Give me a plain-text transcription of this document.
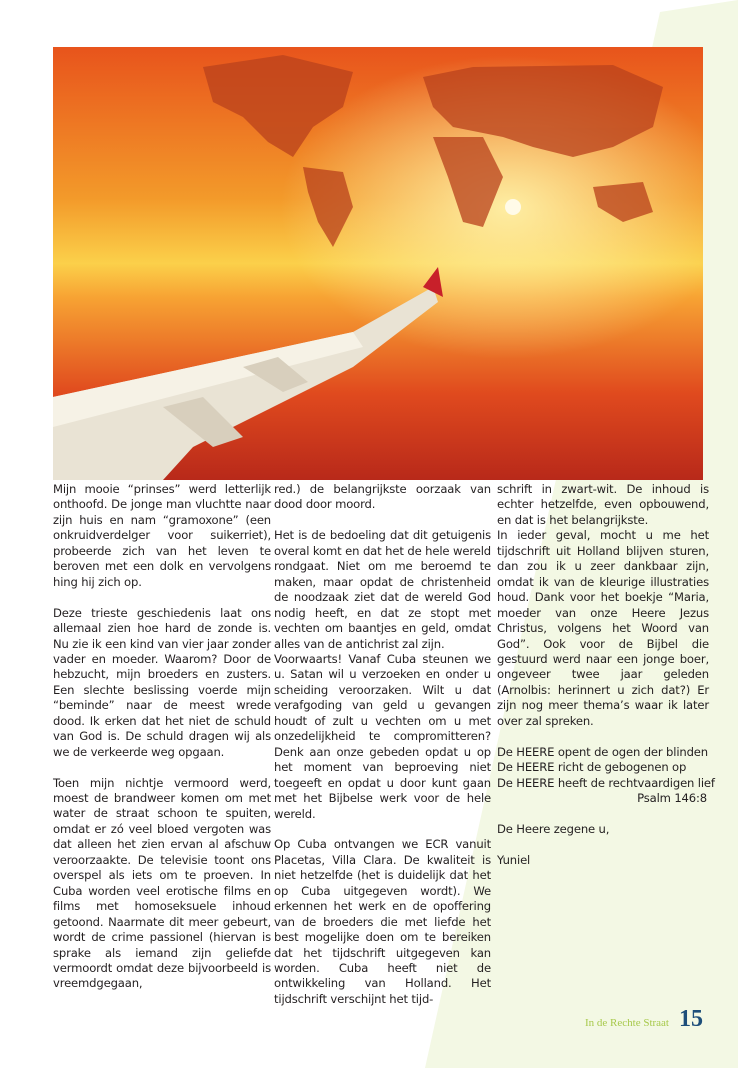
Mijn mooie “prinses” werd letterlijk onthoofd. De jonge man vluchtte naar zijn huis en nam “gramoxone” (een onkruidverdelger voor suikerriet), probeerde zich van het leven te beroven met een dolk en vervolgens hing hij zich op.

Deze trieste geschiedenis laat ons allemaal zien hoe hard de zonde is. Nu zie ik een kind van vier jaar zonder vader en moeder. Waarom? Door de hebzucht, mijn broeders en zusters. Een slechte beslissing voerde mijn “beminde” naar de meest wrede dood. Ik erken dat het niet de schuld van God is. De schuld dragen wij als we de verkeerde weg opgaan.

Toen mijn nichtje vermoord werd, moest de brandweer komen om met water de straat schoon te spuiten, omdat er zó veel bloed vergoten was dat alleen het zien ervan al afschuw veroorzaakte. De televisie toont ons overspel als iets om te proeven. In Cuba worden veel erotische films en films met homoseksuele inhoud getoond. Naarmate dit meer gebeurt, wordt de crime passionel (hiervan is sprake als iemand zijn geliefde vermoordt omdat deze bijvoorbeeld is vreemdgegaan,

red.) de belangrijkste oorzaak van dood door moord.

Het is de bedoeling dat dit getuigenis overal komt en dat het de hele wereld rondgaat. Niet om me beroemd te maken, maar opdat de christenheid de noodzaak ziet dat de wereld God nodig heeft, en dat ze stopt met vechten om baantjes en geld, omdat alles van de antichrist zal zijn.

Voorwaarts! Vanaf Cuba steunen we u. Satan wil u verzoeken en onder u scheiding veroorzaken. Wilt u dat verafgoding van geld u gevangen houdt of zult u vechten om u met onzedelijkheid te compromitteren? Denk aan onze gebeden opdat u op het moment van beproeving niet toegeeft en opdat u door kunt gaan met het Bijbelse werk voor de hele wereld.

Op Cuba ontvangen we ECR vanuit Placetas, Villa Clara. De kwaliteit is niet hetzelfde (het is duidelijk dat het op Cuba uitgegeven wordt). We erkennen het werk en de opoffering van de broeders die met liefde het best mogelijke doen om te bereiken dat het tijdschrift uitgegeven kan worden. Cuba heeft niet de ontwikkeling van Holland. Het tijdschrift verschijnt het tijd-

schrift in zwart-wit. De inhoud is echter hetzelfde, even opbouwend, en dat is het belangrijkste.

In ieder geval, mocht u me het tijdschrift uit Holland blijven sturen, dan zou ik u zeer dankbaar zijn, omdat ik van de kleurige illustraties houd. Dank voor het boekje “Maria, moeder van onze Heere Jezus Christus, volgens het Woord van God”. Ook voor de Bijbel die gestuurd werd naar een jonge boer, ongeveer twee jaar geleden (Arnolbis: herinnert u zich dat?) Er zijn nog meer thema’s waar ik later over zal spreken.

De HEERE opent de ogen der blinden
De HEERE richt de gebogenen op
De HEERE heeft de rechtvaardigen lief
Psalm 146:8

De Heere zegene u,

Yuniel

In de Rechte Straat 15
